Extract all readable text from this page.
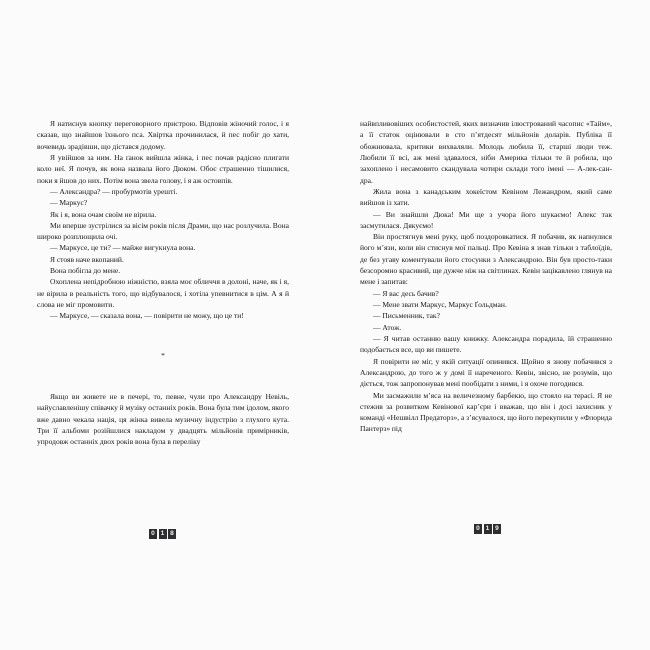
Я натиснув кнопку переговорного пристрою. Відповів жіночий голос, і я сказав, що знайшов їхнього пса. Хвіртка прочинилася, й пес побіг до хати, вочевидь зрадівши, що дістався додому.

Я увійшов за ним. На ґанок вийшла жінка, і пес почав радісно плигати коло неї. Я почув, як вона назвала його Дюком. Обоє страшенно тішилися, поки я йшов до них. Потім вона звела голову, і я аж остовпів.

— Александра? — пробурмотів урешті.

— Маркус?

Як і я, вона очам своїм не вірила.

Ми вперше зустрілися за вісім років після Драми, що нас розлучила. Вона широко розплющила очі.

— Маркусе, це ти? — майже вигукнула вона.

Я стояв наче вкопаний.

Вона побігла до мене.

Охоплена непідробною ніжністю, взяла моє обличчя в долоні, наче, як і я, не вірила в реальність того, що відбувалося, і хотіла упевнитися в цім. А я й слова не міг промовити.

— Маркусе, — сказала вона, — повірити не можу, що це ти!

*

Якщо ви живете не в печері, то, певне, чули про Александру Невіль, найуславленішу співачку й музіку останніх років. Вона була тим ідолом, якого вже давно чекала нація, ця жінка вивела музичну індустрію з глухого кута. Три її альбоми розійшлися накладом у двадцять мільйонів примірників, упродовж останніх двох років вона була в переліку

0 1 8

найвпливовіших особистостей, яких визначив ілюстрований часопис «Тайм», а її статок оцінювали в сто п’ятдесят мільйонів доларів. Публіка її обожнювала, критики вихваляли. Молодь любила її, старші люди теж. Любили її всі, аж мені здавалося, ніби Америка тільки те й робила, що захоплено і несамовито скандувала чотири склади того імені — А-лек-сан-дра.

Жила вона з канадським хокеїстом Кевіном Лежандром, який саме вийшов із хати.

— Ви знайшли Дюка! Ми ще з учора його шукаємо! Алекс так засмутилася. Дякуємо!

Він простягнув мені руку, щоб поздоровкатися. Я побачив, як напнулися його м’язи, коли він стиснув мої пальці. Про Кевіна я знав тільки з таблоїдів, де без угаву коментували його стосунки з Александрою. Він був просто-таки безсоромно красивий, ще дужче ніж на світлинах. Кевін зацікавлено глянув на мене і запитав:

— Я вас десь бачив?

— Мене звати Маркус, Маркус Ґольдман.

— Письменник, так?

— Атож.

— Я читав останню вашу книжку. Александра порадила, їй страшенно подобається все, що ви пишете.

Я повірити не міг, у якій ситуації опинився. Щойно я знову побачився з Александрою, до того ж у домі її нареченого. Кевін, звісно, не розумів, що діється, тож запропонував мені пообідати з ними, і я охоче погодився.

Ми засмажили м’яса на величезному барбекю, що стояло на терасі. Я не стежив за розвитком Кевінової кар’єри і вважав, що він і досі захисник у команді «Нешвілл Предаторз», а з’ясувалося, що його перекупили у «Флорида Пантерз» під

0 1 9
